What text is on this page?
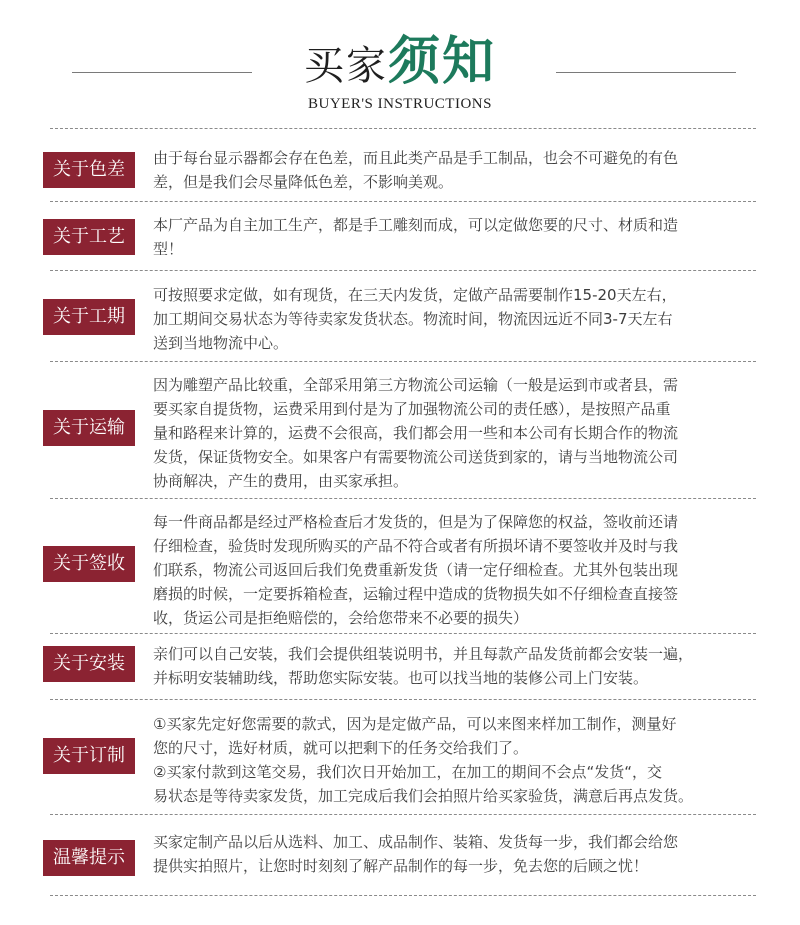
买家须知
BUYER'S INSTRUCTIONS
关于色差
由于每台显示器都会存在色差，而且此类产品是手工制品，也会不可避免的有色
差，但是我们会尽量降低色差，不影响美观。
关于工艺
本厂产品为自主加工生产，都是手工雕刻而成，可以定做您要的尺寸、材质和造
型！
关于工期
可按照要求定做，如有现货，在三天内发货，定做产品需要制作15-20天左右，
加工期间交易状态为等待卖家发货状态。物流时间，物流因远近不同3-7天左右
送到当地物流中心。
关于运输
因为雕塑产品比较重，全部采用第三方物流公司运输（一般是运到市或者县，需
要买家自提货物，运费采用到付是为了加强物流公司的责任感），是按照产品重
量和路程来计算的，运费不会很高，我们都会用一些和本公司有长期合作的物流
发货，保证货物安全。如果客户有需要物流公司送货到家的，请与当地物流公司
协商解决，产生的费用，由买家承担。
关于签收
每一件商品都是经过严格检查后才发货的，但是为了保障您的权益，签收前还请
仔细检查，验货时发现所购买的产品不符合或者有所损坏请不要签收并及时与我
们联系，物流公司返回后我们免费重新发货（请一定仔细检查。尤其外包装出现
磨损的时候，一定要拆箱检查，运输过程中造成的货物损失如不仔细检查直接签
收，货运公司是拒绝赔偿的，会给您带来不必要的损失）
关于安装	亲们可以自己安装，我们会提供组装说明书，并且每款产品发货前都会安装一遍，
并标明安装辅助线，帮助您实际安装。也可以找当地的装修公司上门安装。
关于订制
①买家先定好您需要的款式，因为是定做产品，可以来图来样加工制作，测量好
您的尺寸，选好材质，就可以把剩下的任务交给我们了。
②买家付款到这笔交易，我们次日开始加工，在加工的期间不会点“发货“，交
易状态是等待卖家发货，加工完成后我们会拍照片给买家验货，满意后再点发货。
温馨提示
买家定制产品以后从选料、加工、成品制作、装箱、发货每一步，我们都会给您
提供实拍照片，让您时时刻刻了解产品制作的每一步，免去您的后顾之忧！
